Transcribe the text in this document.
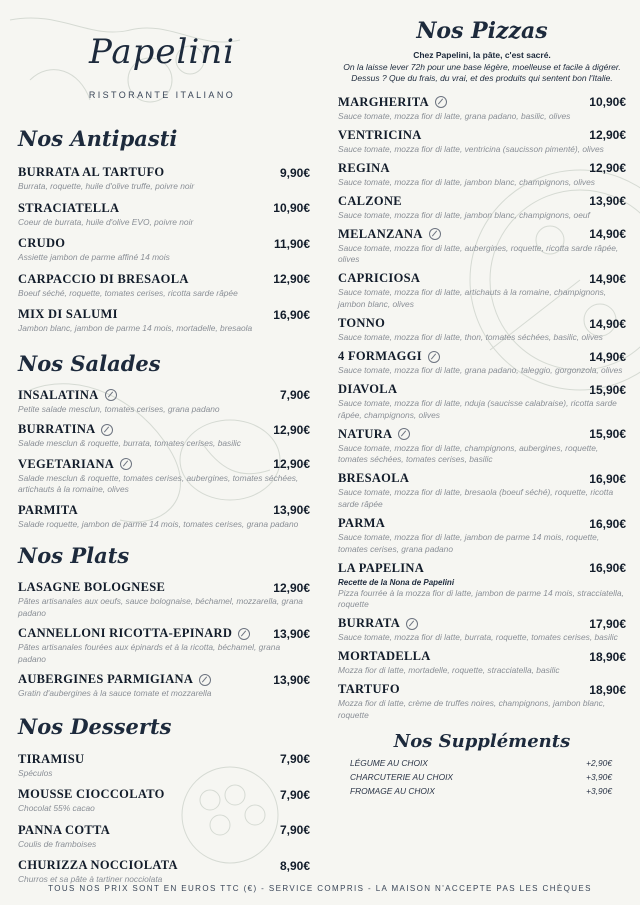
Papelini
RISTORANTE ITALIANO
Nos Antipasti
BURRATA AL TARTUFO	9,90€
Burrata, roquette, huile d'olive truffe, poivre noir
STRACIATELLA	10,90€
Coeur de burrata, huile d'olive EVO, poivre noir
CRUDO	11,90€
Assiette jambon de parme affiné 14 mois
CARPACCIO DI BRESAOLA	12,90€
Boeuf séché, roquette, tomates cerises, ricotta sarde râpée
MIX DI SALUMI	16,90€
Jambon blanc, jambon de parme 14 mois, mortadelle, bresaola
Nos Salades
INSALATINA	7,90€
Petite salade mesclun, tomates cerises, grana padano
BURRATINA	12,90€
Salade mesclun & roquette, burrata, tomates cerises, basilic
VEGETARIANA	12,90€
Salade mesclun & roquette, tomates cerises, aubergines, tomates séchées, artichauts à la romaine, olives
PARMITA	13,90€
Salade roquette, jambon de parme 14 mois, tomates cerises, grana padano
Nos Plats
LASAGNE BOLOGNESE	12,90€
Pâtes artisanales aux oeufs, sauce bolognaise, béchamel, mozzarella, grana padano
CANNELLONI RICOTTA-EPINARD	13,90€
Pâtes artisanales fourées aux épinards et à la ricotta, béchamel, grana padano
AUBERGINES PARMIGIANA	13,90€
Gratin d'aubergines à la sauce tomate et mozzarella
Nos Desserts
TIRAMISU	7,90€
Spéculos
MOUSSE CIOCCOLATO	7,90€
Chocolat 55% cacao
PANNA COTTA	7,90€
Coulis de framboises
CHURIZZA NOCCIOLATA	8,90€
Churros et sa pâte à tartiner nocciolata
Nos Pizzas
Chez Papelini, la pâte, c'est sacré.
On la laisse lever 72h pour une base légère, moelleuse et facile à digérer.
Dessus ? Que du frais, du vrai, et des produits qui sentent bon l'Italie.
MARGHERITA	10,90€
Sauce tomate, mozza fior di latte, grana padano, basilic, olives
VENTRICINA	12,90€
Sauce tomate, mozza fior di latte, ventricina (saucisson pimenté), olives
REGINA	12,90€
Sauce tomate, mozza fior di latte, jambon blanc, champignons, olives
CALZONE	13,90€
Sauce tomate, mozza fior di latte, jambon blanc, champignons, oeuf
MELANZANA	14,90€
Sauce tomate, mozza fior di latte, aubergines, roquette, ricotta sarde râpée, olives
CAPRICIOSA	14,90€
Sauce tomate, mozza fior di latte, artichauts à la romaine, champignons, jambon blanc, olives
TONNO	14,90€
Sauce tomate, mozza fior di latte, thon, tomates séchées, basilic, olives
4 FORMAGGI	14,90€
Sauce tomate, mozza fior di latte, grana padano, taleggio, gorgonzola, olives
DIAVOLA	15,90€
Sauce tomate, mozza fior di latte, nduja (saucisse calabraise), ricotta sarde râpée, champignons, olives
NATURA	15,90€
Sauce tomate, mozza fior di latte, champignons, aubergines, roquette, tomates séchées, tomates cerises, basilic
BRESAOLA	16,90€
Sauce tomate, mozza fior di latte, bresaola (boeuf séché), roquette, ricotta sarde râpée
PARMA	16,90€
Sauce tomate, mozza fior di latte, jambon de parme 14 mois, roquette, tomates cerises, grana padano
LA PAPELINA	16,90€
Recette de la Nona de Papelini
Pizza fourrée à la mozza fior di latte, jambon de parme 14 mois, stracciatella, roquette
BURRATA	17,90€
Sauce tomate, mozza fior di latte, burrata, roquette, tomates cerises, basilic
MORTADELLA	18,90€
Mozza fior di latte, mortadelle, roquette, stracciatella, basilic
TARTUFO	18,90€
Mozza fior di latte, crème de truffes noires, champignons, jambon blanc, roquette
Nos Suppléments
LÉGUME AU CHOIX	+2,90€
CHARCUTERIE AU CHOIX	+3,90€
FROMAGE AU CHOIX	+3,90€
TOUS NOS PRIX SONT EN EUROS TTC (€) - SERVICE COMPRIS - LA MAISON N'ACCEPTE PAS LES CHÈQUES
